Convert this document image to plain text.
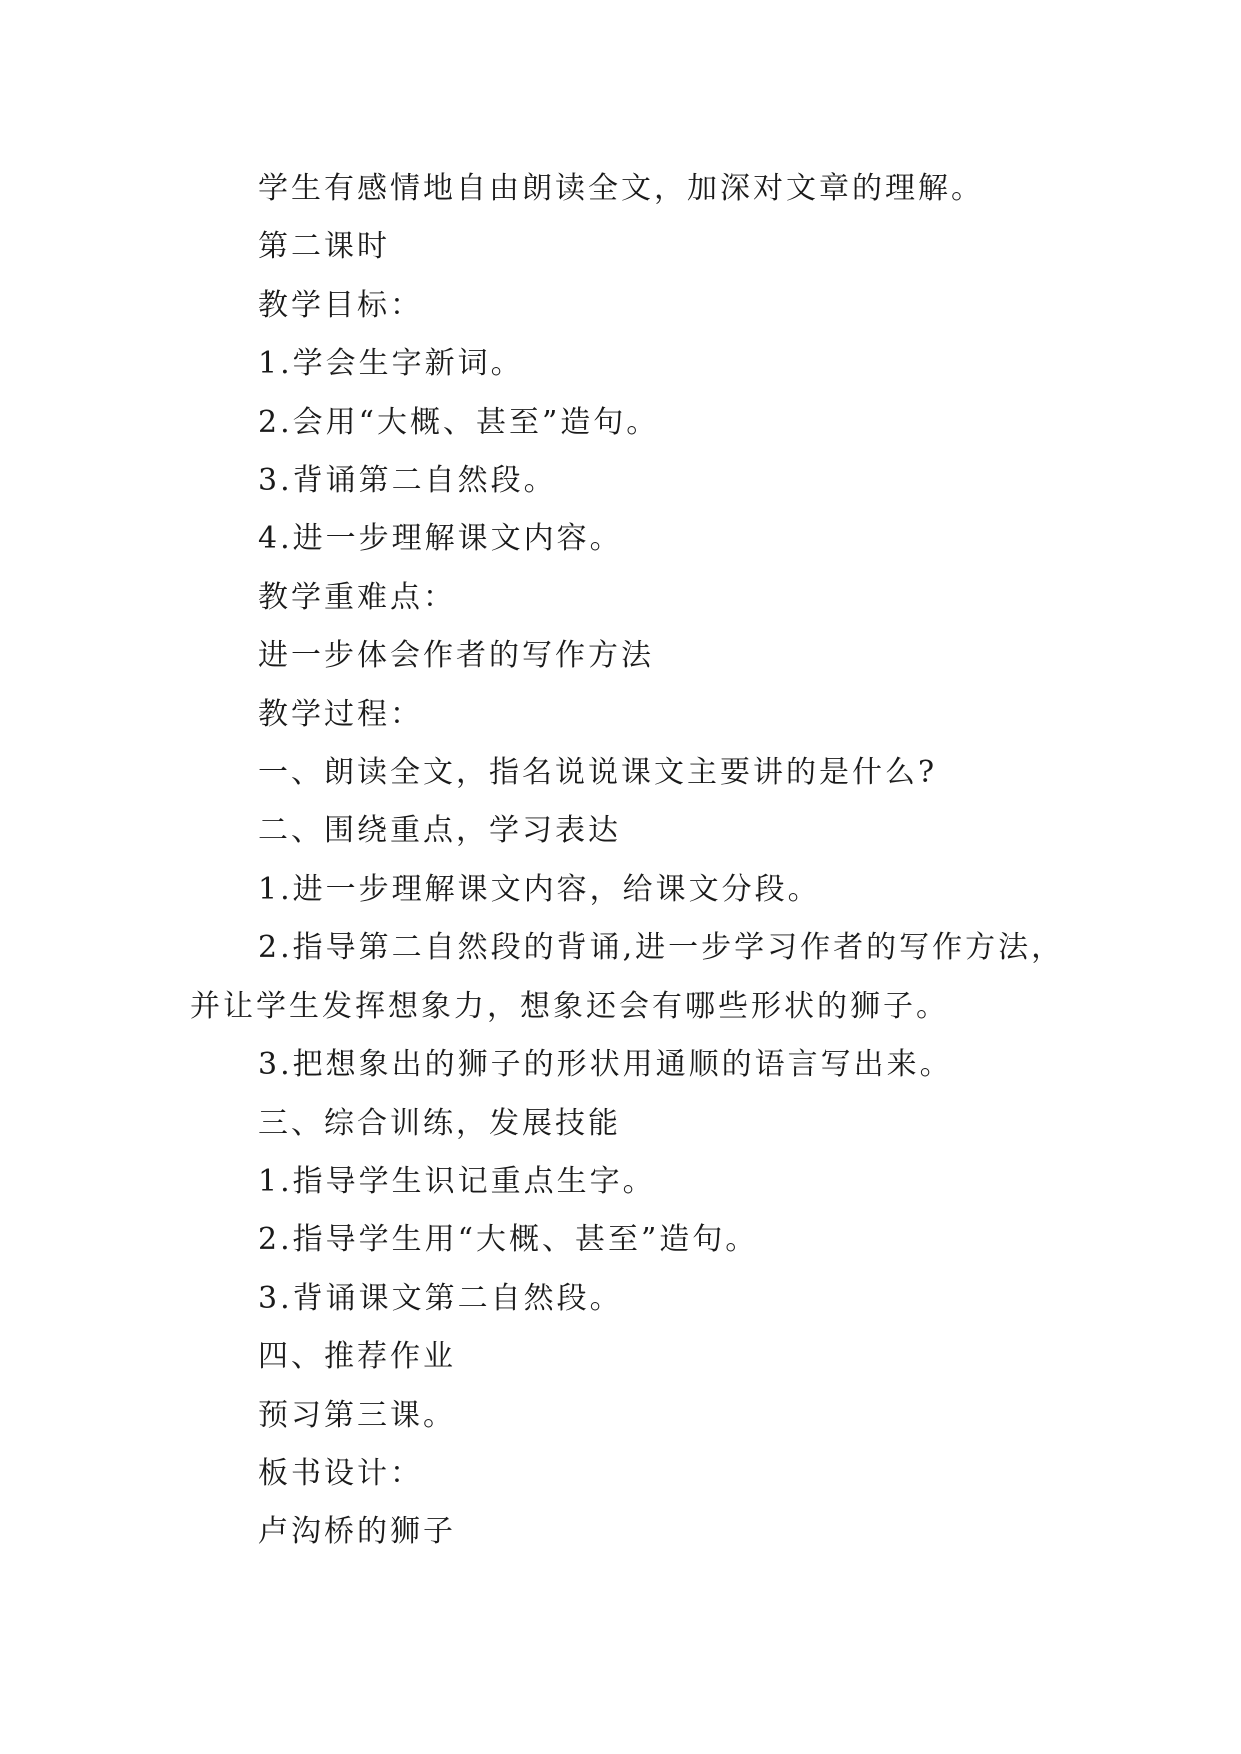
学生有感情地自由朗读全文，加深对文章的理解。

第二课时

教学目标：

1.学会生字新词。

2.会用“大概、甚至”造句。

3.背诵第二自然段。

4.进一步理解课文内容。

教学重难点：

进一步体会作者的写作方法

教学过程：

一、朗读全文，指名说说课文主要讲的是什么?

二、围绕重点，学习表达

1.进一步理解课文内容，给课文分段。

2.指导第二自然段的背诵,进一步学习作者的写作方法，并让学生发挥想象力，想象还会有哪些形状的狮子。

3.把想象出的狮子的形状用通顺的语言写出来。

三、综合训练，发展技能

1.指导学生识记重点生字。

2.指导学生用“大概、甚至”造句。

3.背诵课文第二自然段。

四、推荐作业

预习第三课。

板书设计：

卢沟桥的狮子
